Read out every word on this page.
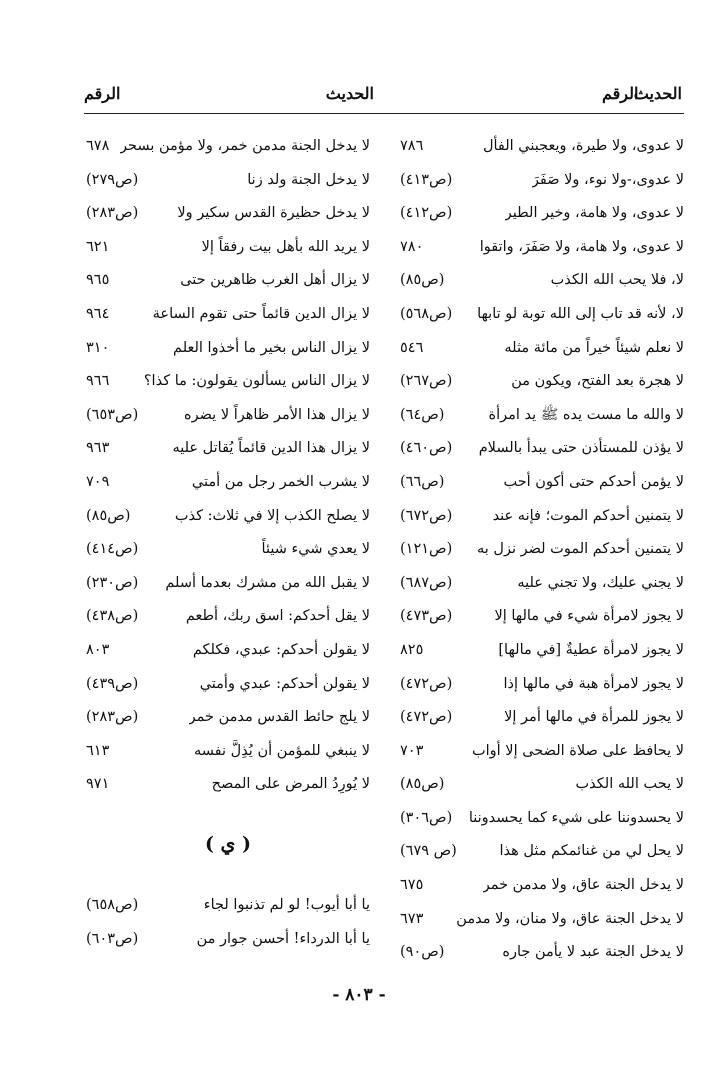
الحديث
الرقم
الحديث
الرقم
لا عدوى، ولا طيرة، ويعجبني الفأل
٧٨٦
لا عدوى،-ولا نوء، ولا صَفَرَ
(ص٤١٣)
لا عدوى، ولا هامة، وخير الطير
(ص٤١٢)
لا عدوى، ولا هامة، ولا صَفَرَ، واتقوا
٧٨٠
لا، فلا يحب الله الكذب
(ص٨٥)
لا، لأنه قد تاب إلى الله توبة لو تابها
(ص٥٦٨)
لا نعلم شيئاً خيراً من مائة مثله
٥٤٦
لا هجرة بعد الفتح، ويكون من
(ص٢٦٧)
لا والله ما مست يده ﷺ يد امرأة
(ص٦٤)
لا يؤذن للمستأذن حتى يبدأ بالسلام
(ص٤٦٠)
لا يؤمن أحدكم حتى أكون أحب
(ص٦٦)
لا يتمنين أحدكم الموت؛ فإنه عند
(ص٦٧٢)
لا يتمنين أحدكم الموت لضر نزل به
(ص١٢١)
لا يجني عليك، ولا تجني عليه
(ص٦٨٧)
لا يجوز لامرأة شيء في مالها إلا
(ص٤٧٣)
لا يجوز لامرأة عطيةٌ [في مالها]
٨٢٥
لا يجوز لامرأة هبة في مالها إذا
(ص٤٧٢)
لا يجوز للمرأة في مالها أمر إلا
(ص٤٧٢)
لا يحافظ على صلاة الضحى إلا أواب
٧٠٣
لا يحب الله الكذب
(ص٨٥)
لا يحسدوننا على شيء كما يحسدوننا
(ص٣٠٦)
لا يحل لي من غنائمكم مثل هذا
(ص ٦٧٩)
لا يدخل الجنة عاق، ولا مدمن خمر
٦٧٥
لا يدخل الجنة عاق، ولا منان، ولا مدمن
٦٧٣
لا يدخل الجنة عبد لا يأمن جاره
(ص٩٠)
لا يدخل الجنة مدمن خمر، ولا مؤمن بسحر
٦٧٨
لا يدخل الجنة ولد زنا
(ص٢٧٩)
لا يدخل حظيرة القدس سكير ولا
(ص٢٨٣)
لا يريد الله بأهل بيت رفقاً إلا
٦٢١
لا يزال أهل الغرب ظاهرين حتى
٩٦٥
لا يزال الدين قائماً حتى تقوم الساعة
٩٦٤
لا يزال الناس بخير ما أخذوا العلم
٣١٠
لا يزال الناس يسألون يقولون: ما كذا؟
٩٦٦
لا يزال هذا الأمر ظاهراً لا يضره
(ص٦٥٣)
لا يزال هذا الدين قائماً يُقاتل عليه
٩٦٣
لا يشرب الخمر رجل من أمتي
٧٠٩
لا يصلح الكذب إلا في ثلاث: كذب
(ص٨٥)
لا يعدي شيء شيئاً
(ص٤١٤)
لا يقبل الله من مشرك بعدما أسلم
(ص٢٣٠)
لا يقل أحدكم: اسق ربك، أطعم
(ص٤٣٨)
لا يقولن أحدكم: عبدي، فكلكم
٨٠٣
لا يقولن أحدكم: عبدي وأمتي
(ص٤٣٩)
لا يلج حائط القدس مدمن خمر
(ص٢٨٣)
لا ينبغي للمؤمن أن يُذِلَّ نفسه
٦١٣
لا يُورِدُ المرض على المصح
٩٧١
( ي )
يا أبا أيوب! لو لم تذنبوا لجاء
(ص٦٥٨)
يا أبا الدرداء! أحسن جوار من
(ص٦٠٣)
- ٨٠٣ -
